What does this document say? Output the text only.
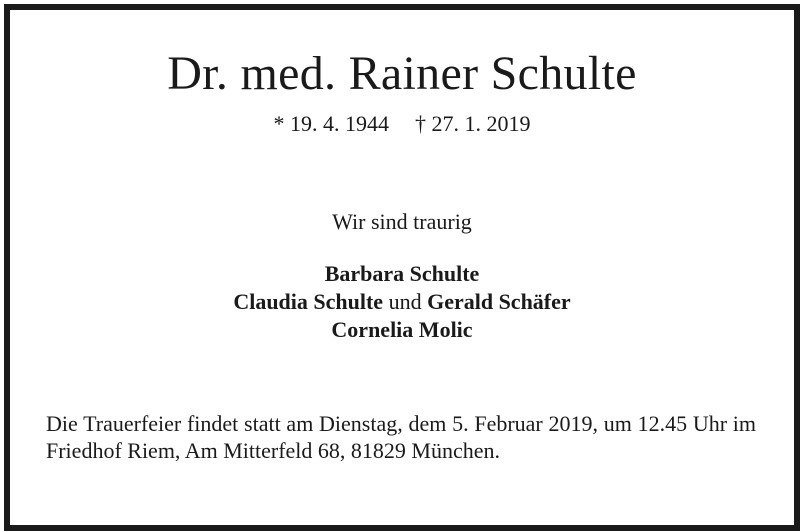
Dr. med. Rainer Schulte
* 19. 4. 1944 † 27. 1. 2019
Wir sind traurig
Barbara Schulte
Claudia Schulte und Gerald Schäfer
Cornelia Molic
Die Trauerfeier findet statt am Dienstag, dem 5. Februar 2019, um 12.45 Uhr im Friedhof Riem, Am Mitterfeld 68, 81829 München.
